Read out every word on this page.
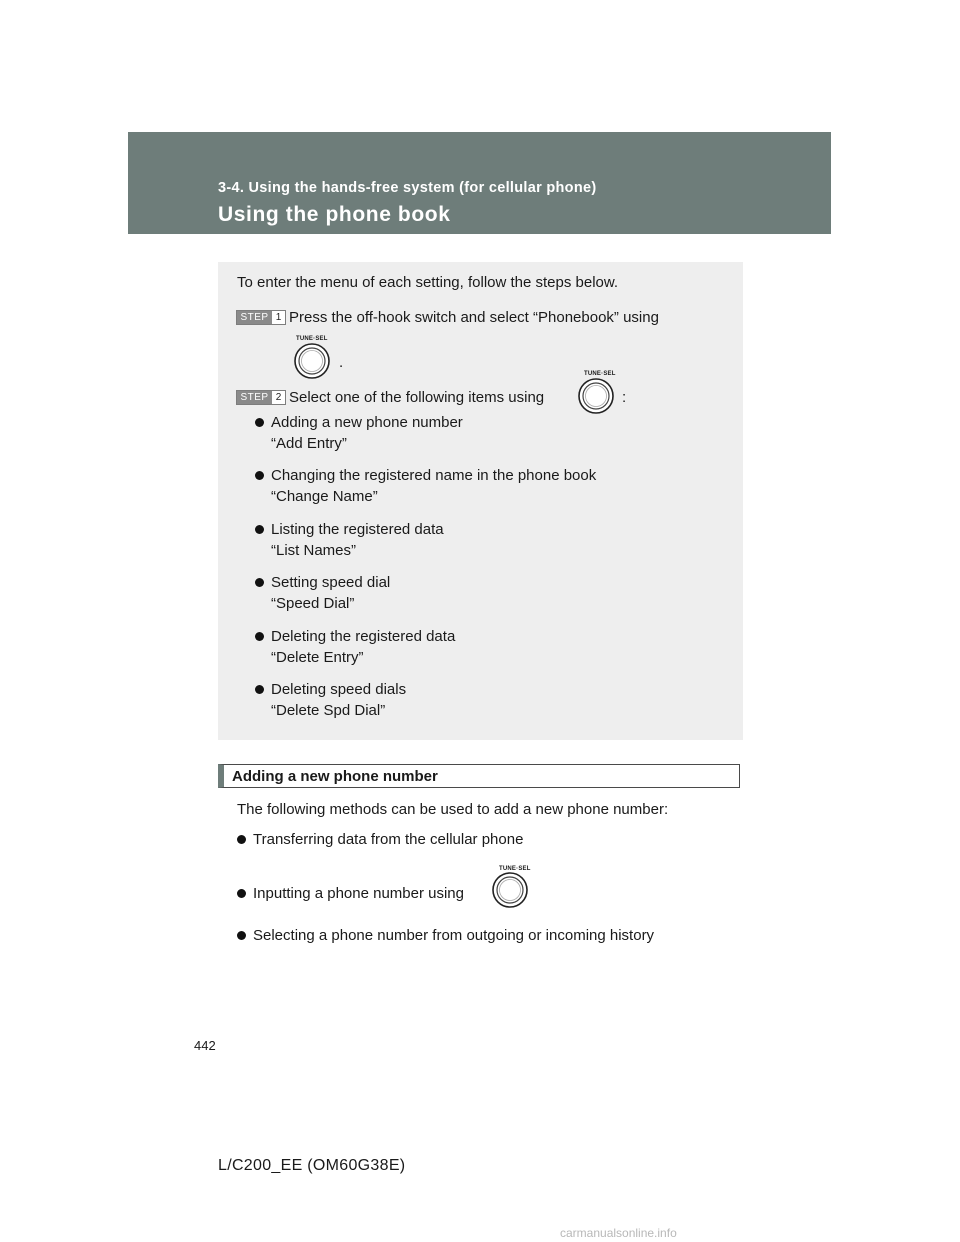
3-4. Using the hands-free system (for cellular phone)
Using the phone book
To enter the menu of each setting, follow the steps below.
STEP 1 Press the off-hook switch and select “Phonebook” using
TUNE·SEL
.
STEP 2 Select one of the following items using
TUNE·SEL
:
Adding a new phone number
“Add Entry”
Changing the registered name in the phone book
“Change Name”
Listing the registered data
“List Names”
Setting speed dial
“Speed Dial”
Deleting the registered data
“Delete Entry”
Deleting speed dials
“Delete Spd Dial”
Adding a new phone number
The following methods can be used to add a new phone number:
Transferring data from the cellular phone
Inputting a phone number using
TUNE·SEL
Selecting a phone number from outgoing or incoming history
442
L/C200_EE (OM60G38E)
carmanualsonline.info
